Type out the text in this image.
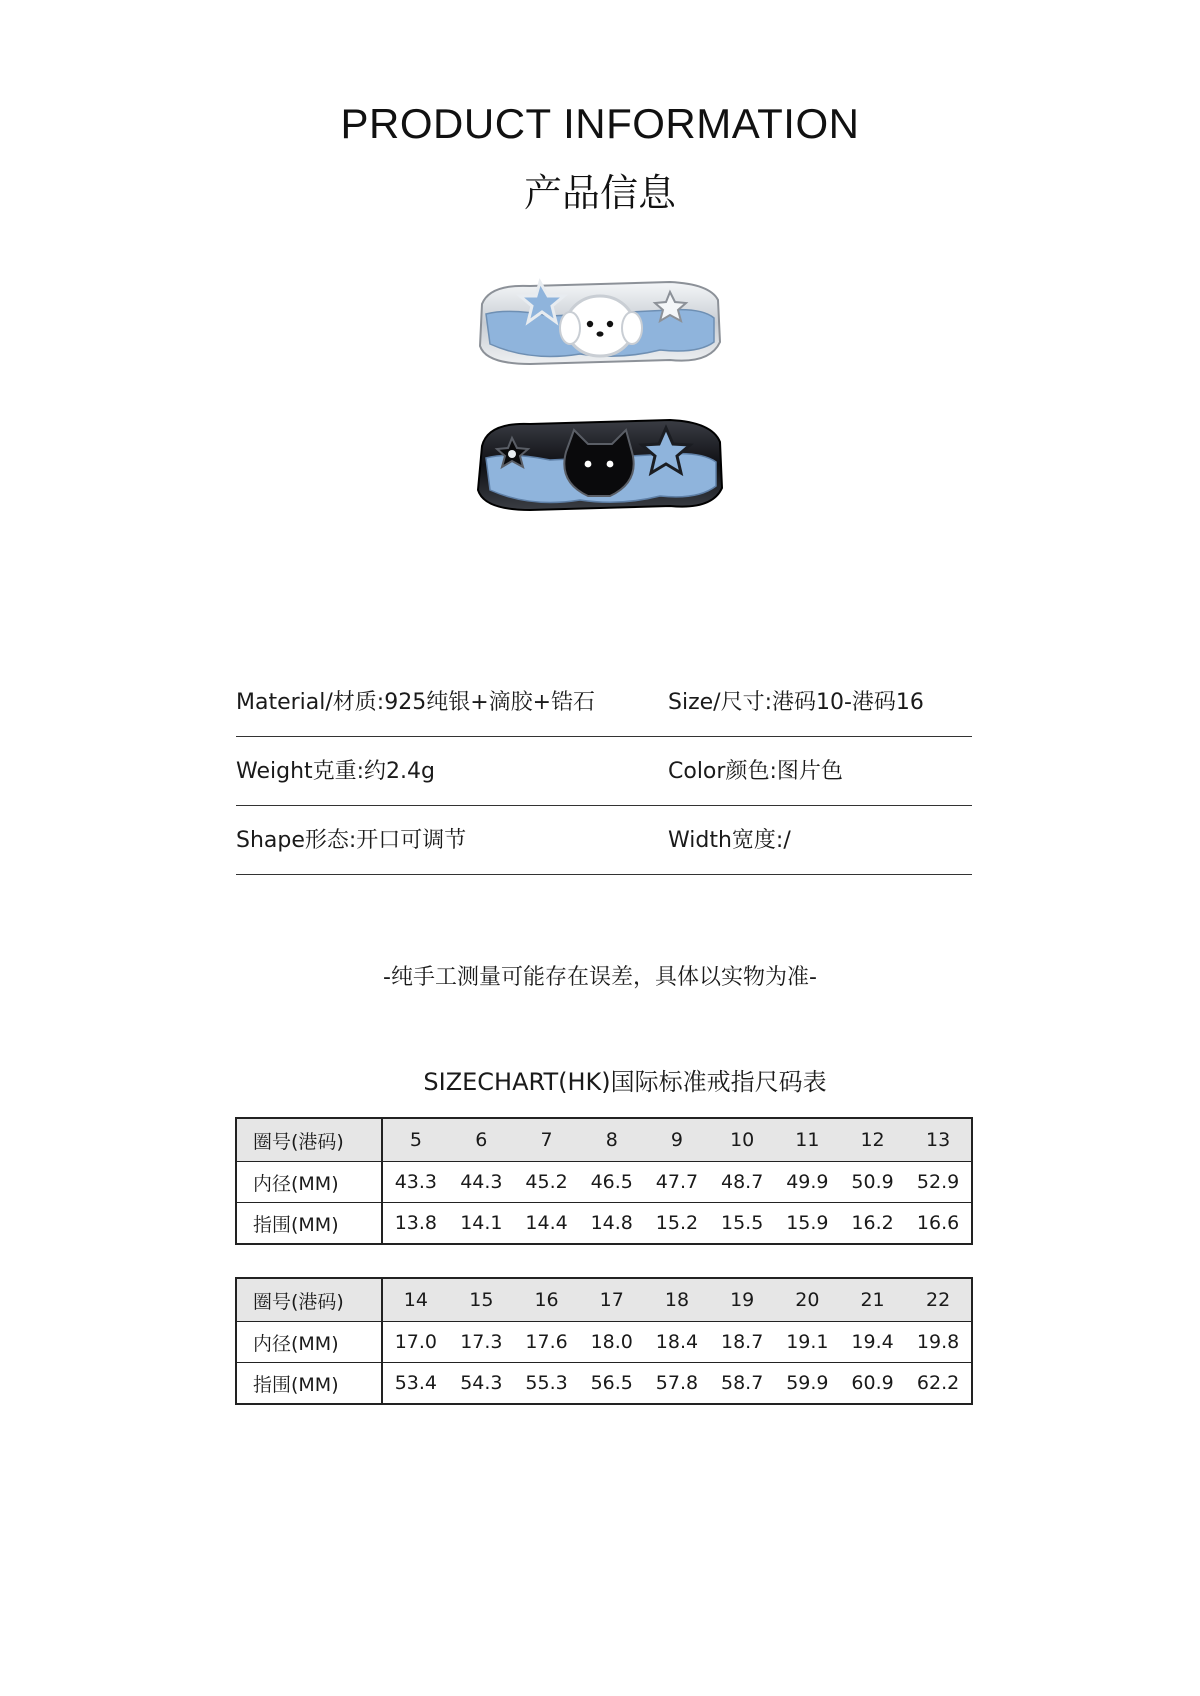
PRODUCT INFORMATION
产品信息
Material/材质:925纯银+滴胶+锆石	Size/尺寸:港码10-港码16
Weight克重:约2.4g	Color颜色:图片色
Shape形态:开口可调节	Width宽度:/
-纯手工测量可能存在误差，具体以实物为准-
SIZECHART(HK)国际标准戒指尺码表
圈号(港码)	5	6	7	8	9	10	11	12	13
内径(MM)	43.3	44.3	45.2	46.5	47.7	48.7	49.9	50.9	52.9
指围(MM)	13.8	14.1	14.4	14.8	15.2	15.5	15.9	16.2	16.6
圈号(港码)	14	15	16	17	18	19	20	21	22
内径(MM)	17.0	17.3	17.6	18.0	18.4	18.7	19.1	19.4	19.8
指围(MM)	53.4	54.3	55.3	56.5	57.8	58.7	59.9	60.9	62.2
